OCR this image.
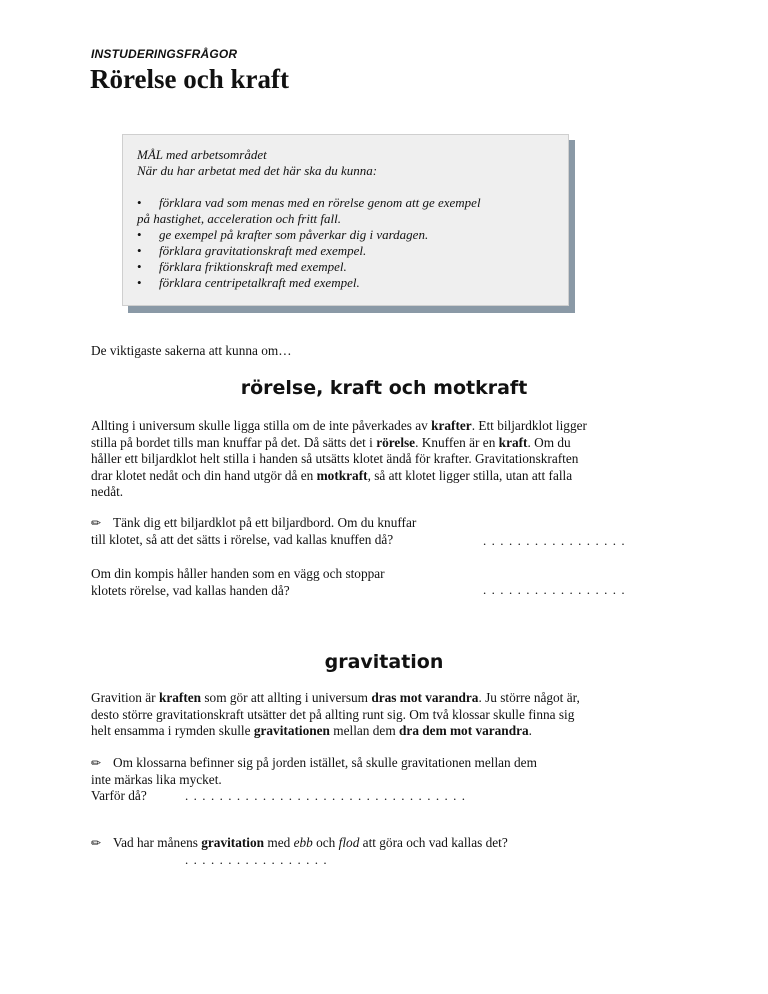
INSTUDERINGSFRÅGOR
Rörelse och kraft
MÅL med arbetsområdet
När du har arbetat med det här ska du kunna:
• förklara vad som menas med en rörelse genom att ge exempel
på hastighet, acceleration och fritt fall.
• ge exempel på krafter som påverkar dig i vardagen.
• förklara gravitationskraft med exempel.
• förklara friktionskraft med exempel.
• förklara centripetalkraft med exempel.
De viktigaste sakerna att kunna om…
rörelse, kraft och motkraft
Allting i universum skulle ligga stilla om de inte påverkades av krafter. Ett biljardklot ligger
stilla på bordet tills man knuffar på det. Då sätts det i rörelse. Knuffen är en kraft. Om du
håller ett biljardklot helt stilla i handen så utsätts klotet ändå för krafter. Gravitationskraften
drar klotet nedåt och din hand utgör då en motkraft, så att klotet ligger stilla, utan att falla
nedåt.
✏ Tänk dig ett biljardklot på ett biljardbord. Om du knuffar
till klotet, så att det sätts i rörelse, vad kallas knuffen då?	.................
Om din kompis håller handen som en vägg och stoppar
klotets rörelse, vad kallas handen då?	.................
gravitation
Gravition är kraften som gör att allting i universum dras mot varandra. Ju större något är,
desto större gravitationskraft utsätter det på allting runt sig. Om två klossar skulle finna sig
helt ensamma i rymden skulle gravitationen mellan dem dra dem mot varandra.
✏ Om klossarna befinner sig på jorden istället, så skulle gravitationen mellan dem
inte märkas lika mycket.
Varför då?	.................................
✏ Vad har månens gravitation med ebb och flod att göra och vad kallas det?
.................
